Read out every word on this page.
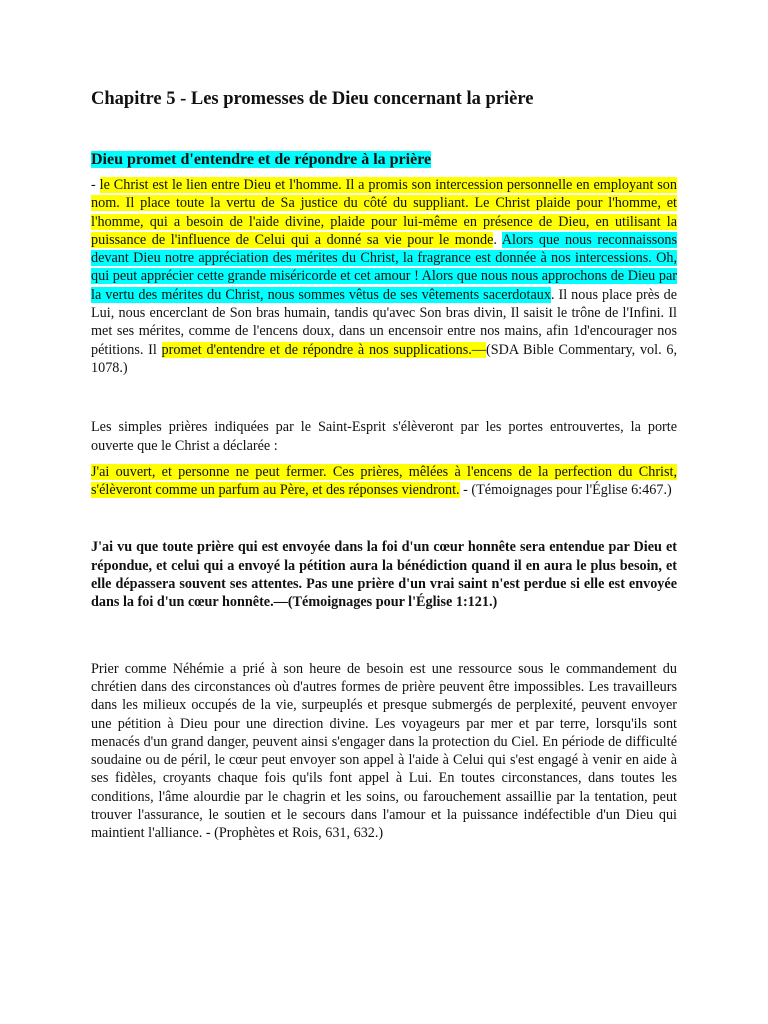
Chapitre 5 - Les promesses de Dieu concernant la prière
Dieu promet d'entendre et de répondre à la prière

- le Christ est le lien entre Dieu et l'homme. Il a promis son intercession personnelle en employant son nom. Il place toute la vertu de Sa justice du côté du suppliant. Le Christ plaide pour l'homme, et l'homme, qui a besoin de l'aide divine, plaide pour lui-même en présence de Dieu, en utilisant la puissance de l'influence de Celui qui a donné sa vie pour le monde. Alors que nous reconnaissons devant Dieu notre appréciation des mérites du Christ, la fragrance est donnée à nos intercessions. Oh, qui peut apprécier cette grande miséricorde et cet amour ! Alors que nous nous approchons de Dieu par la vertu des mérites du Christ, nous sommes vêtus de ses vêtements sacerdotaux. Il nous place près de Lui, nous encerclant de Son bras humain, tandis qu'avec Son bras divin, Il saisit le trône de l'Infini. Il met ses mérites, comme de l'encens doux, dans un encensoir entre nos mains, afin 1d'encourager nos pétitions. Il promet d'entendre et de répondre à nos supplications.—(SDA Bible Commentary, vol. 6, 1078.)

Les simples prières indiquées par le Saint-Esprit s'élèveront par les portes entrouvertes, la porte ouverte que le Christ a déclarée :

J'ai ouvert, et personne ne peut fermer. Ces prières, mêlées à l'encens de la perfection du Christ, s'élèveront comme un parfum au Père, et des réponses viendront. - (Témoignages pour l'Église 6:467.)

J'ai vu que toute prière qui est envoyée dans la foi d'un cœur honnête sera entendue par Dieu et répondue, et celui qui a envoyé la pétition aura la bénédiction quand il en aura le plus besoin, et elle dépassera souvent ses attentes. Pas une prière d'un vrai saint n'est perdue si elle est envoyée dans la foi d'un cœur honnête.—(Témoignages pour l'Église 1:121.)

Prier comme Néhémie a prié à son heure de besoin est une ressource sous le commandement du chrétien dans des circonstances où d'autres formes de prière peuvent être impossibles. Les travailleurs dans les milieux occupés de la vie, surpeuplés et presque submergés de perplexité, peuvent envoyer une pétition à Dieu pour une direction divine. Les voyageurs par mer et par terre, lorsqu'ils sont menacés d'un grand danger, peuvent ainsi s'engager dans la protection du Ciel. En période de difficulté soudaine ou de péril, le cœur peut envoyer son appel à l'aide à Celui qui s'est engagé à venir en aide à ses fidèles, croyants chaque fois qu'ils font appel à Lui. En toutes circonstances, dans toutes les conditions, l'âme alourdie par le chagrin et les soins, ou farouchement assaillie par la tentation, peut trouver l'assurance, le soutien et le secours dans l'amour et la puissance indéfectible d'un Dieu qui maintient l'alliance. - (Prophètes et Rois, 631, 632.)
